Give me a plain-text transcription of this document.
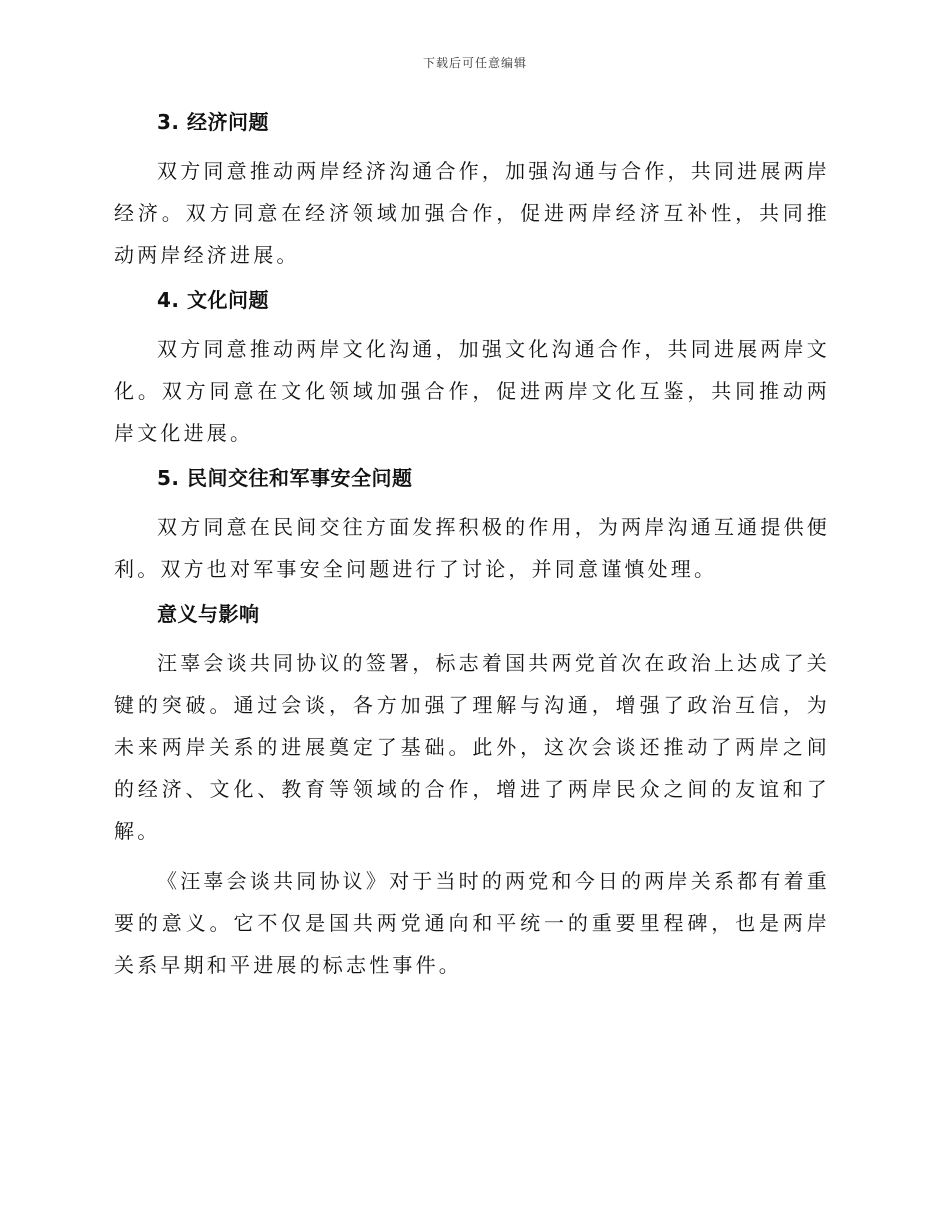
下载后可任意编辑
3. 经济问题

双方同意推动两岸经济沟通合作，加强沟通与合作，共同进展两岸经济。双方同意在经济领域加强合作，促进两岸经济互补性，共同推动两岸经济进展。

4. 文化问题

双方同意推动两岸文化沟通，加强文化沟通合作，共同进展两岸文化。双方同意在文化领域加强合作，促进两岸文化互鉴，共同推动两岸文化进展。

5. 民间交往和军事安全问题

双方同意在民间交往方面发挥积极的作用，为两岸沟通互通提供便利。双方也对军事安全问题进行了讨论，并同意谨慎处理。

意义与影响

汪辜会谈共同协议的签署，标志着国共两党首次在政治上达成了关键的突破。通过会谈，各方加强了理解与沟通，增强了政治互信，为未来两岸关系的进展奠定了基础。此外，这次会谈还推动了两岸之间的经济、文化、教育等领域的合作，增进了两岸民众之间的友谊和了解。

《汪辜会谈共同协议》对于当时的两党和今日的两岸关系都有着重要的意义。它不仅是国共两党通向和平统一的重要里程碑，也是两岸关系早期和平进展的标志性事件。
